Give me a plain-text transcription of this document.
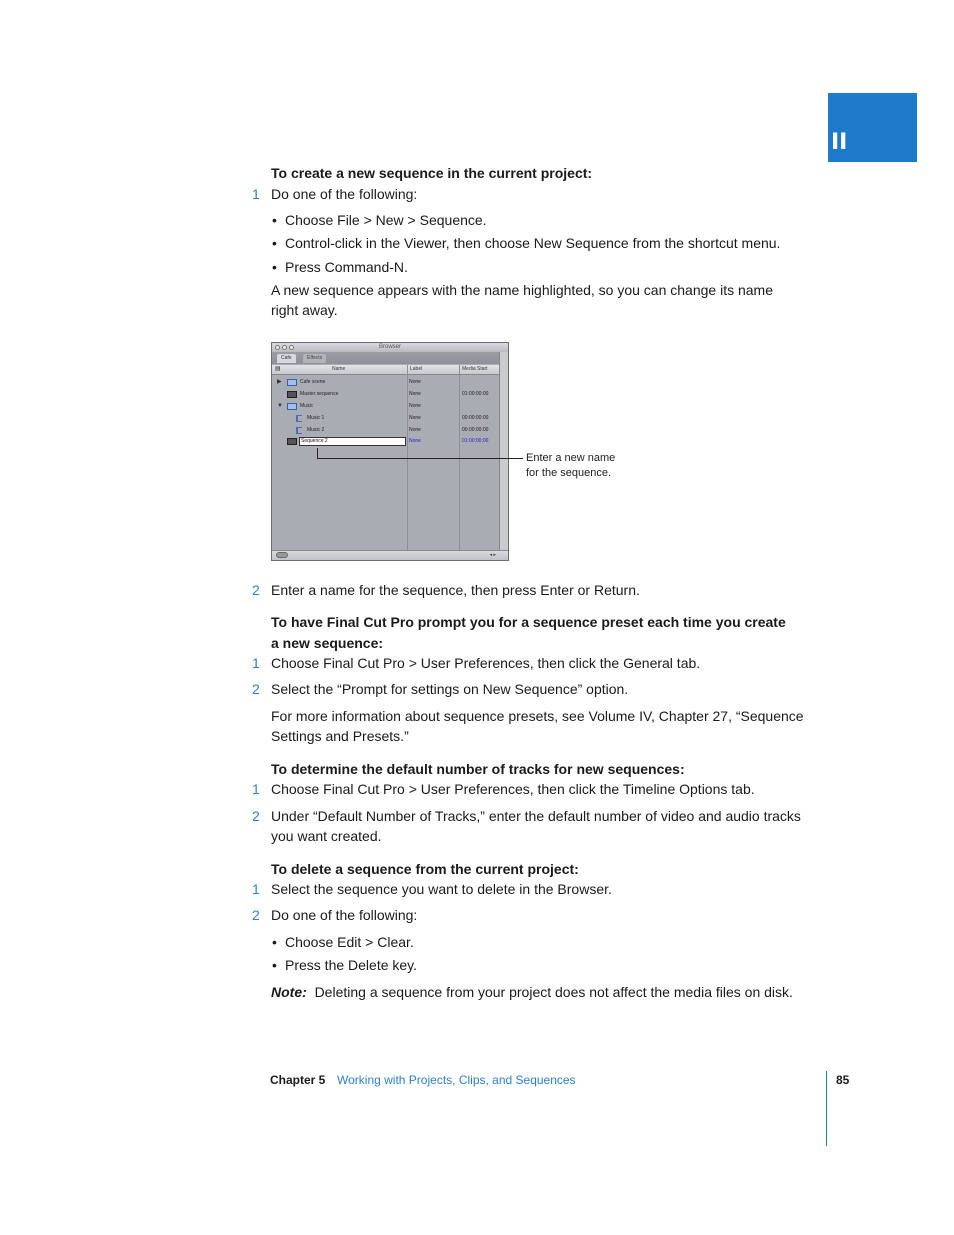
II
To create a new sequence in the current project:
1 Do one of the following:
• Choose File > New > Sequence.
• Control-click in the Viewer, then choose New Sequence from the shortcut menu.
• Press Command-N.
A new sequence appears with the name highlighted, so you can change its name
right away.
Browser
Cafe	Effects
▤	Name	Label	Media Start
▶	Cafe scene	None
Master sequence	None	01:00:00:00
▼	Music	None
Music 1	None	00:00:00:00
Music 2	None	00:00:00:00
Sequence 2	None	01:00:00:00
◂ ▸
Enter a new name
for the sequence.
2 Enter a name for the sequence, then press Enter or Return.
To have Final Cut Pro prompt you for a sequence preset each time you create
a new sequence:
1 Choose Final Cut Pro > User Preferences, then click the General tab.
2 Select the “Prompt for settings on New Sequence” option.
For more information about sequence presets, see Volume IV, Chapter 27, “Sequence
Settings and Presets.”
To determine the default number of tracks for new sequences:
1 Choose Final Cut Pro > User Preferences, then click the Timeline Options tab.
2 Under “Default Number of Tracks,” enter the default number of video and audio tracks
you want created.
To delete a sequence from the current project:
1 Select the sequence you want to delete in the Browser.
2 Do one of the following:
• Choose Edit > Clear.
• Press the Delete key.
Note: Deleting a sequence from your project does not affect the media files on disk.
Chapter 5 Working with Projects, Clips, and Sequences	85
